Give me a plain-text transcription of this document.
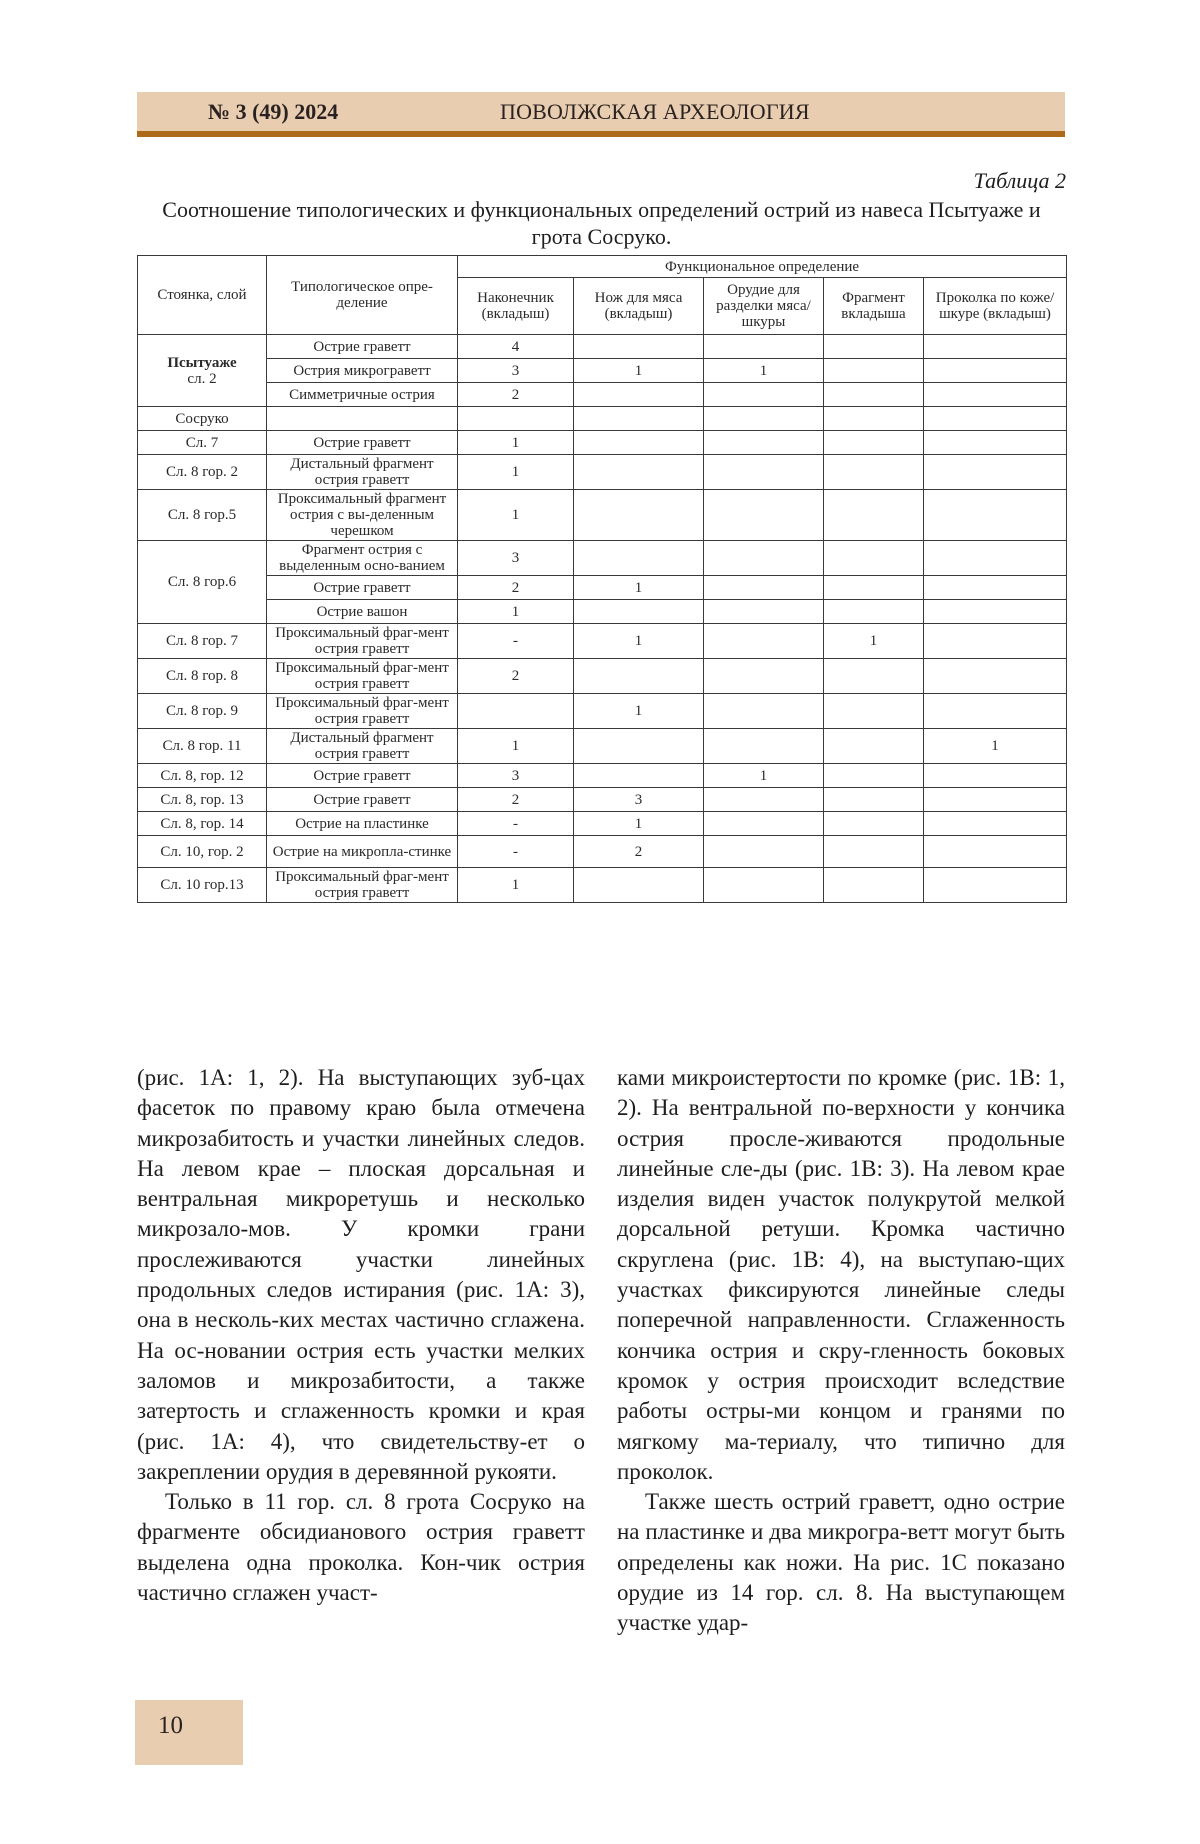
№ 3 (49) 2024	ПОВОЛЖСКАЯ АРХЕОЛОГИЯ
Таблица 2
Соотношение типологических и функциональных определений острий из навеса Псытуаже и грота Сосруко.
Стоянка, слой	Типологическое опре-деление	Функциональное определение				
		Наконечник (вкладыш)	Нож для мяса (вкладыш)	Орудие для разделки мяса/шкуры	Фрагмент вкладыша	Проколка по коже/шкуре (вкладыш)
Псытуаже
сл. 2	Острие граветт	4				
	Острия микрограветт	3	1	1		
	Симметричные острия	2				
Сосруко						
Сл. 7	Острие граветт	1				
Сл. 8 гор. 2	Дистальный фрагмент острия граветт	1				
Сл. 8 гор.5	Проксимальный фрагмент острия с вы-деленным черешком	1				
Сл. 8 гор.6	Фрагмент острия с выделенным осно-ванием	3				
	Острие граветт	2	1			
	Острие вашон	1				
Сл. 8 гор. 7	Проксимальный фраг-мент острия граветт	-	1		1	
Сл. 8 гор. 8	Проксимальный фраг-мент острия граветт	2				
Сл. 8 гор. 9	Проксимальный фраг-мент острия граветт		1			
Сл. 8 гор. 11	Дистальный фрагмент острия граветт	1				1
Сл. 8, гор. 12	Острие граветт	3		1		
Сл. 8, гор. 13	Острие граветт	2	3			
Сл. 8, гор. 14	Острие на пластинке	-	1			
Сл. 10, гор. 2	Острие на микропла-стинке	-	2			
Сл. 10 гор.13	Проксимальный фраг-мент острия граветт	1				

(рис. 1А: 1, 2). На выступающих зуб-цах фасеток по правому краю была отмечена микрозабитость и участки линейных следов. На левом крае – плоская дорсальная и вентральная микроретушь и несколько микрозало-мов. У кромки грани прослеживаются участки линейных продольных следов истирания (рис. 1А: 3), она в несколь-ких местах частично сглажена. На ос-новании острия есть участки мелких заломов и микрозабитости, а также затертость и сглаженность кромки и края (рис. 1А: 4), что свидетельству-ет о закреплении орудия в деревянной рукояти.

Только в 11 гор. сл. 8 грота Сосруко на фрагменте обсидианового острия граветт выделена одна проколка. Кон-чик острия частично сглажен участ-

ками микроистертости по кромке (рис. 1В: 1, 2). На вентральной по-верхности у кончика острия просле-живаются продольные линейные сле-ды (рис. 1В: 3). На левом крае изделия виден участок полукрутой мелкой дорсальной ретуши. Кромка частично скруглена (рис. 1В: 4), на выступаю-щих участках фиксируются линейные следы поперечной направленности. Сглаженность кончика острия и скру-гленность боковых кромок у острия происходит вследствие работы остры-ми концом и гранями по мягкому ма-териалу, что типично для проколок.

Также шесть острий граветт, одно острие на пластинке и два микрогра-ветт могут быть определены как ножи. На рис. 1С показано орудие из 14 гор. сл. 8. На выступающем участке удар-

10
